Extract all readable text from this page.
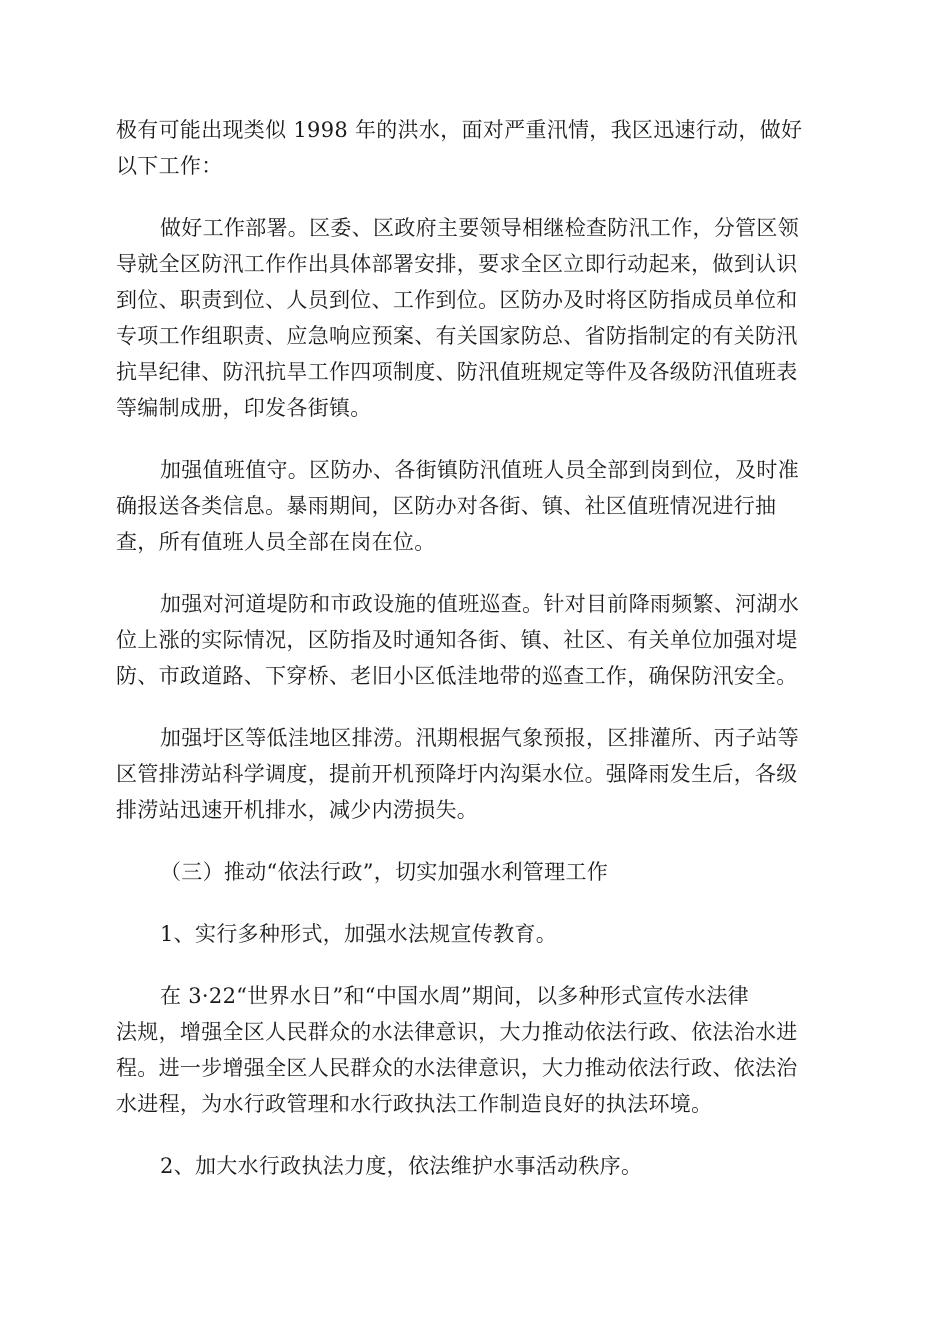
极有可能出现类似 1998 年的洪水，面对严重汛情，我区迅速行动，做好
以下工作：
做好工作部署。区委、区政府主要领导相继检查防汛工作，分管区领
导就全区防汛工作作出具体部署安排，要求全区立即行动起来，做到认识
到位、职责到位、人员到位、工作到位。区防办及时将区防指成员单位和
专项工作组职责、应急响应预案、有关国家防总、省防指制定的有关防汛
抗旱纪律、防汛抗旱工作四项制度、防汛值班规定等件及各级防汛值班表
等编制成册，印发各街镇。
加强值班值守。区防办、各街镇防汛值班人员全部到岗到位，及时准
确报送各类信息。暴雨期间，区防办对各街、镇、社区值班情况进行抽
查，所有值班人员全部在岗在位。
加强对河道堤防和市政设施的值班巡查。针对目前降雨频繁、河湖水
位上涨的实际情况，区防指及时通知各街、镇、社区、有关单位加强对堤
防、市政道路、下穿桥、老旧小区低洼地带的巡查工作，确保防汛安全。
加强圩区等低洼地区排涝。汛期根据气象预报，区排灌所、丙子站等
区管排涝站科学调度，提前开机预降圩内沟渠水位。强降雨发生后，各级
排涝站迅速开机排水，减少内涝损失。
（三）推动“依法行政”，切实加强水利管理工作
1、实行多种形式，加强水法规宣传教育。
在 3·22“世界水日”和“中国水周”期间，以多种形式宣传水法律
法规，增强全区人民群众的水法律意识，大力推动依法行政、依法治水进
程。进一步增强全区人民群众的水法律意识，大力推动依法行政、依法治
水进程，为水行政管理和水行政执法工作制造良好的执法环境。
2、加大水行政执法力度，依法维护水事活动秩序。
